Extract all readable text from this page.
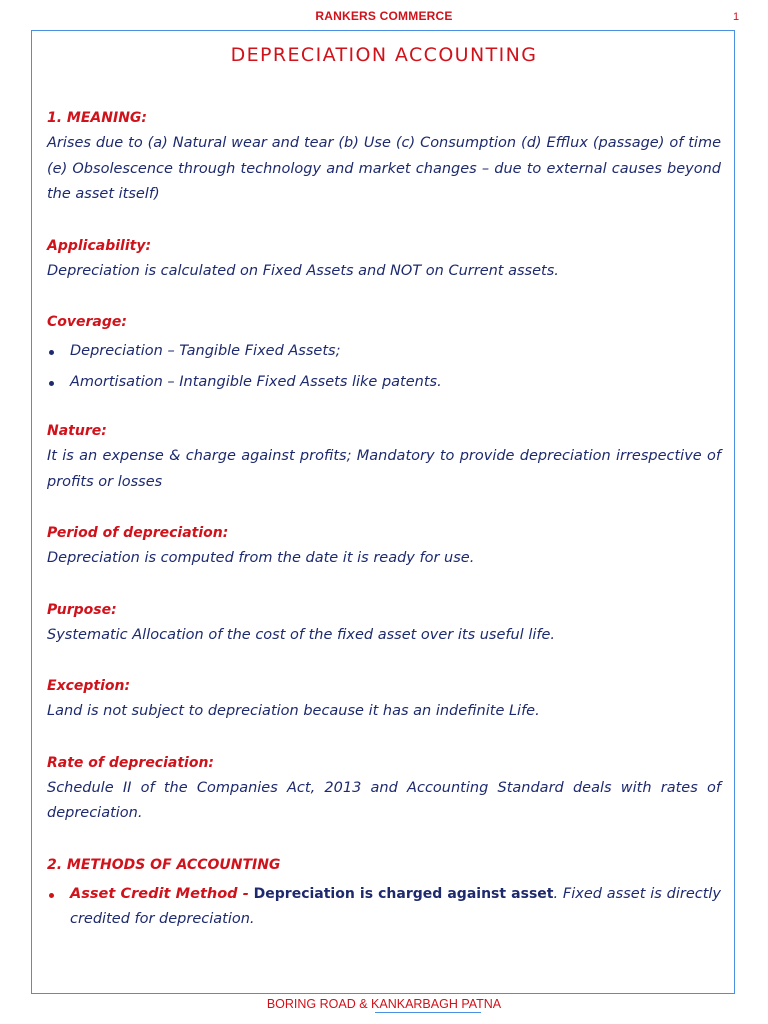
RANKERS COMMERCE	1
DEPRECIATION ACCOUNTING

1. MEANING:

Arises due to (a) Natural wear and tear (b) Use (c) Consumption (d) Efflux (passage) of time (e) Obsolescence through technology and market changes – due to external causes beyond the asset itself)

Applicability:

Depreciation is calculated on Fixed Assets and NOT on Current assets.

Coverage:

Depreciation – Tangible Fixed Assets;
Amortisation – Intangible Fixed Assets like patents.

Nature:

It is an expense & charge against profits; Mandatory to provide depreciation irrespective of profits or losses

Period of depreciation:

Depreciation is computed from the date it is ready for use.

Purpose:

Systematic Allocation of the cost of the fixed asset over its useful life.

Exception:

Land is not subject to depreciation because it has an indefinite Life.

Rate of depreciation:

Schedule II of the Companies Act, 2013 and Accounting Standard deals with rates of depreciation.

2. METHODS OF ACCOUNTING

Asset Credit Method - Depreciation is charged against asset. Fixed asset is directly credited for depreciation.
BORING ROAD & KANKARBAGH PATNA
